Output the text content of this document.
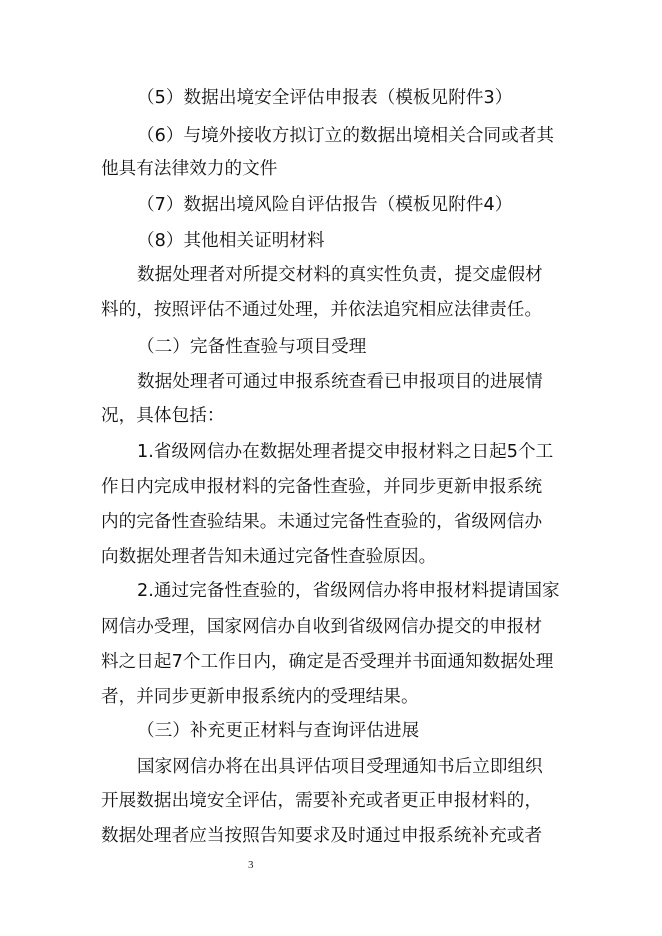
（5）数据出境安全评估申报表（模板见附件3）
（6）与境外接收方拟订立的数据出境相关合同或者其
他具有法律效力的文件
（7）数据出境风险自评估报告（模板见附件4）
（8）其他相关证明材料
数据处理者对所提交材料的真实性负责，提交虚假材
料的，按照评估不通过处理，并依法追究相应法律责任。
（二）完备性查验与项目受理
数据处理者可通过申报系统查看已申报项目的进展情
况，具体包括：
1.省级网信办在数据处理者提交申报材料之日起5个工
作日内完成申报材料的完备性查验，并同步更新申报系统
内的完备性查验结果。未通过完备性查验的，省级网信办
向数据处理者告知未通过完备性查验原因。
2.通过完备性查验的，省级网信办将申报材料提请国家
网信办受理，国家网信办自收到省级网信办提交的申报材
料之日起7个工作日内，确定是否受理并书面通知数据处理
者，并同步更新申报系统内的受理结果。
（三）补充更正材料与查询评估进展
国家网信办将在出具评估项目受理通知书后立即组织
开展数据出境安全评估，需要补充或者更正申报材料的，
数据处理者应当按照告知要求及时通过申报系统补充或者
3
